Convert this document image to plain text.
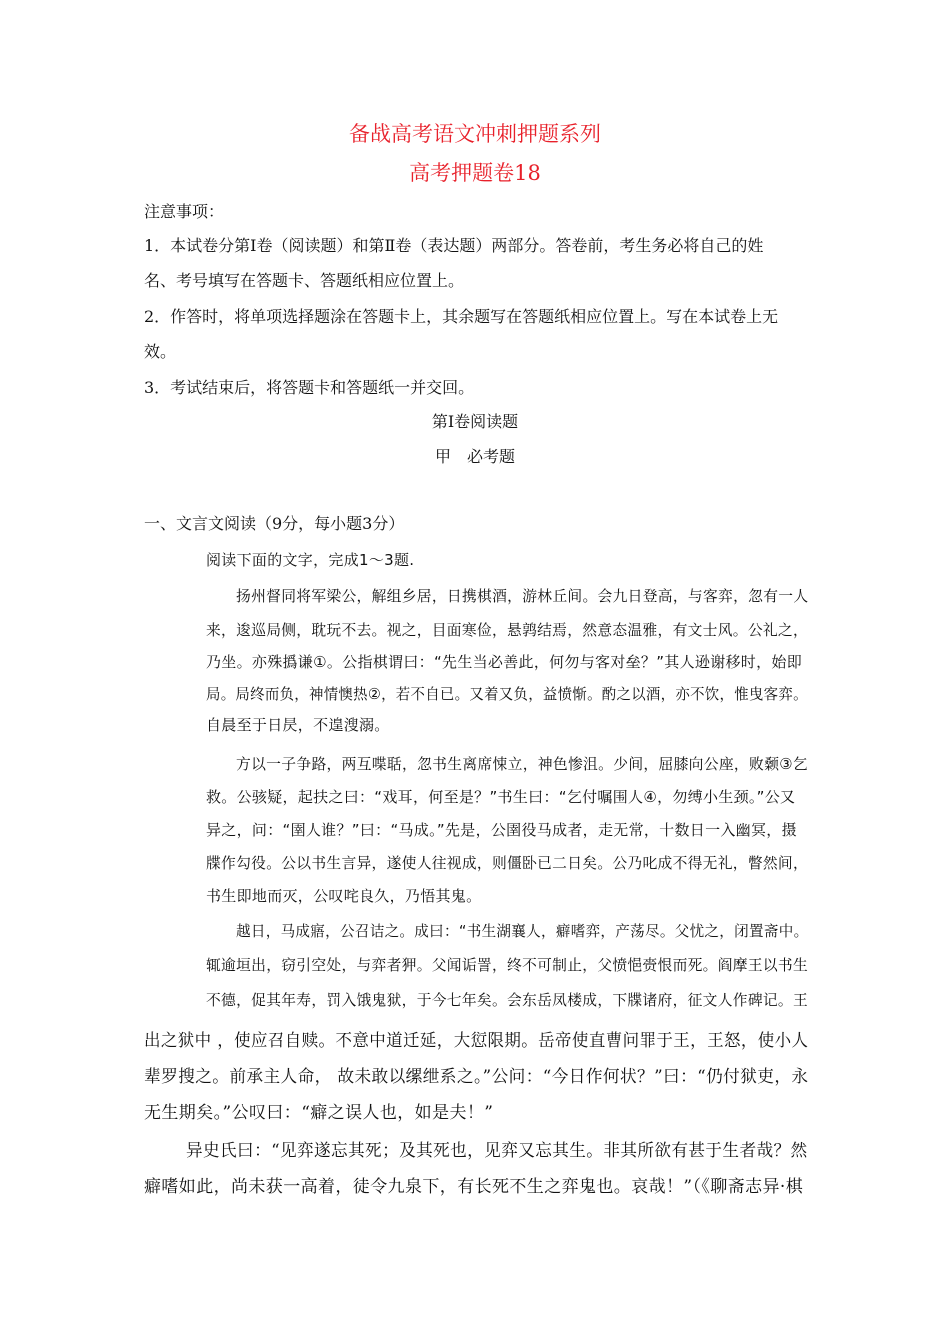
备战高考语文冲刺押题系列
高考押题卷18
注意事项：
1．本试卷分第Ⅰ卷（阅读题）和第Ⅱ卷（表达题）两部分。答卷前，考生务必将自己的姓
名、考号填写在答题卡、答题纸相应位置上。
2．作答时，将单项选择题涂在答题卡上，其余题写在答题纸相应位置上。写在本试卷上无
效。
3．考试结束后，将答题卡和答题纸一并交回。
第Ⅰ卷阅读题
甲　必考题
一、文言文阅读（9分，每小题3分）
阅读下面的文字，完成1～3题.
扬州督同将军梁公，解组乡居，日携棋酒，游林丘间。会九日登高，与客弈，忽有一人
来，逡巡局侧，耽玩不去。视之，目面寒俭，悬鹑结焉，然意态温雅，有文士风。公礼之，
乃坐。亦殊撝谦①。公指棋谓曰：“先生当必善此，何勿与客对垒？”其人逊谢移时，始即
局。局终而负，神情懊热②，若不自已。又着又负，益愤惭。酌之以酒，亦不饮，惟曳客弈。
自晨至于日昃，不遑溲溺。
方以一子争路，两互喋聒，忽书生离席悚立，神色惨沮。少间，屈膝向公座，败颡③乞
救。公骇疑，起扶之曰：“戏耳，何至是？”书生曰：“乞付嘱围人④，勿缚小生颈。”公又
异之，问：“圉人谁？”曰：“马成。”先是，公圉役马成者，走无常，十数日一入幽冥，摄
牒作勾役。公以书生言异，遂使人往视成，则僵卧已二日矣。公乃叱成不得无礼，瞥然间，
书生即地而灭，公叹咤良久，乃悟其鬼。
越日，马成寤，公召诘之。成曰：“书生湖襄人，癖嗜弈，产荡尽。父忧之，闭置斋中。
辄逾垣出，窃引空处，与弈者狎。父闻诟詈，终不可制止，父愤悒赍恨而死。阎摩王以书生
不德，促其年寿，罚入饿鬼狱，于今七年矣。会东岳凤楼成，下牒诸府，征文人作碑记。王
出之狱中 ，使应召自赎。不意中道迁延，大愆限期。岳帝使直曹问罪于王，王怒，使小人
辈罗搜之。前承主人命， 故未敢以缧绁系之。”公问：“今日作何状？”曰：“仍付狱吏，永
无生期矣。”公叹曰：“癖之误人也，如是夫！”
异史氏曰：“见弈遂忘其死；及其死也，见弈又忘其生。非其所欲有甚于生者哉？然
癖嗜如此，尚未获一高着，徒令九泉下，有长死不生之弈鬼也。哀哉！”（《聊斋志异·棋
